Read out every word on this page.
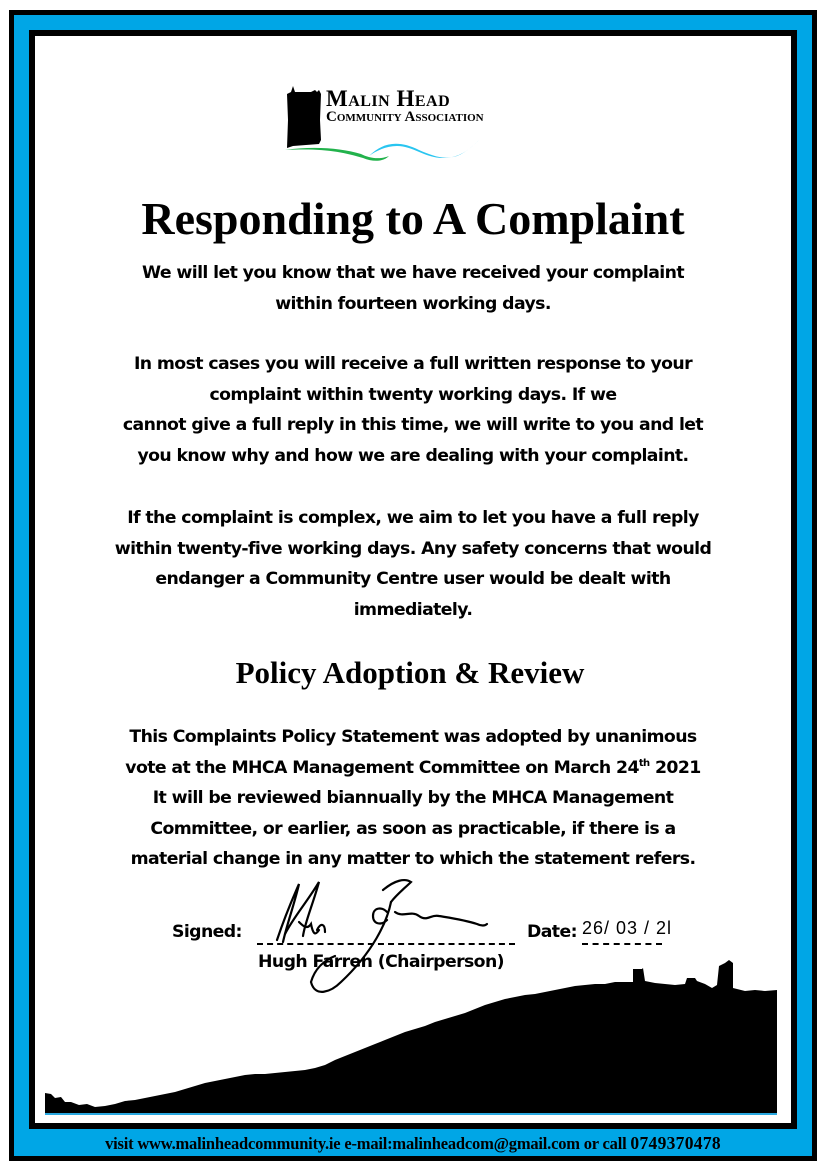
Malin Head
Community Association
Responding to A Complaint
We will let you know that we have received your complaint
within fourteen working days.
In most cases you will receive a full written response to your
complaint within twenty working days. If we
cannot give a full reply in this time, we will write to you and let
you know why and how we are dealing with your complaint.
If the complaint is complex, we aim to let you have a full reply
within twenty-five working days. Any safety concerns that would
endanger a Community Centre user would be dealt with
immediately.
Policy Adoption & Review
This Complaints Policy Statement was adopted by unanimous
vote at the MHCA Management Committee on March 24th 2021
It will be reviewed biannually by the MHCA Management
Committee, or earlier, as soon as practicable, if there is a
material change in any matter to which the statement refers.
Signed:	Date: 26/ 03 / 2l
Hugh Farren (Chairperson)
visit www.malinheadcommunity.ie e-mail:malinheadcom@gmail.com or call 0749370478
